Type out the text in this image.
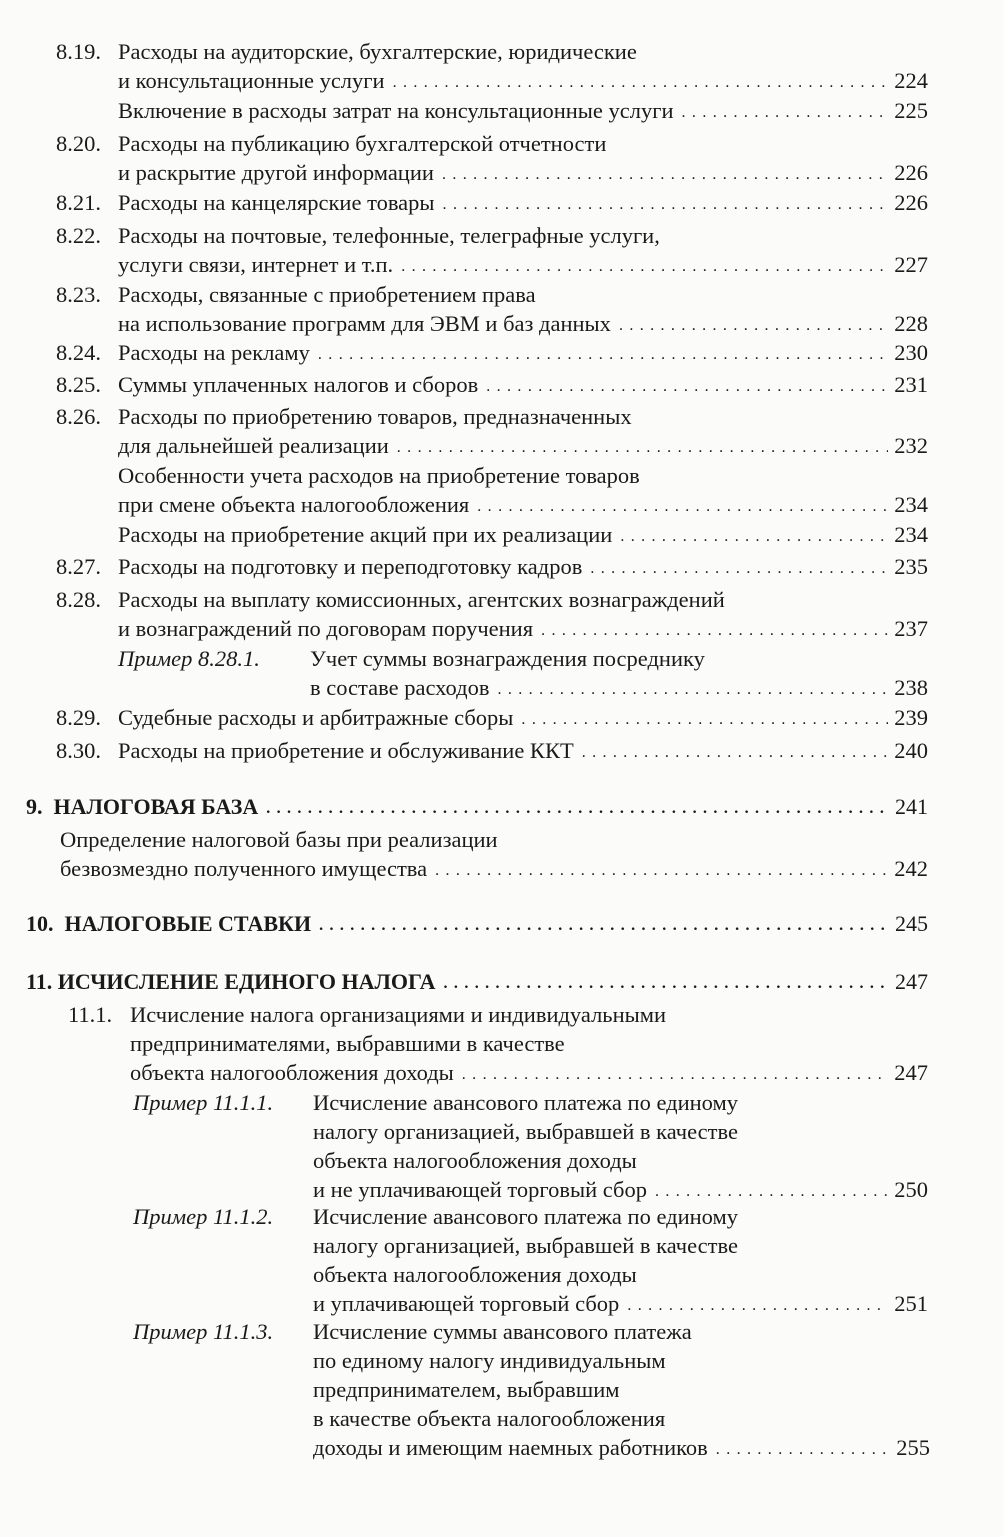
8.19. Расходы на аудиторские, бухгалтерские, юридические
и консультационные услуги . . .	224
Включение в расходы затрат на консультационные услуги . . .	225
8.20. Расходы на публикацию бухгалтерской отчетности
и раскрытие другой информации . . .	226
8.21. Расходы на канцелярские товары . . .	226
8.22. Расходы на почтовые, телефонные, телеграфные услуги,
услуги связи, интернет и т.п. . . .	227
8.23. Расходы, связанные с приобретением права
на использование программ для ЭВМ и баз данных . . .	228
8.24. Расходы на рекламу . . .	230
8.25. Суммы уплаченных налогов и сборов . . .	231
8.26. Расходы по приобретению товаров, предназначенных
для дальнейшей реализации . . .	232
Особенности учета расходов на приобретение товаров
при смене объекта налогообложения . . .	234
Расходы на приобретение акций при их реализации . . .	234
8.27. Расходы на подготовку и переподготовку кадров . . .	235
8.28. Расходы на выплату комиссионных, агентских вознаграждений
и вознаграждений по договорам поручения . . .	237
Пример 8.28.1. Учет суммы вознаграждения посреднику
в составе расходов . . .	238
8.29. Судебные расходы и арбитражные сборы . . .	239
8.30. Расходы на приобретение и обслуживание ККТ . . .	240
9. НАЛОГОВАЯ БАЗА . . .	241
Определение налоговой базы при реализации
безвозмездно полученного имущества . . .	242
10. НАЛОГОВЫЕ СТАВКИ . . .	245
11. ИСЧИСЛЕНИЕ ЕДИНОГО НАЛОГА . . .	247
11.1. Исчисление налога организациями и индивидуальными
предпринимателями, выбравшими в качестве
объекта налогообложения доходы . . .	247
Пример 11.1.1. Исчисление авансового платежа по единому
налогу организацией, выбравшей в качестве
объекта налогообложения доходы
и не уплачивающей торговый сбор . . .	250
Пример 11.1.2. Исчисление авансового платежа по единому
налогу организацией, выбравшей в качестве
объекта налогообложения доходы
и уплачивающей торговый сбор . . .	251
Пример 11.1.3. Исчисление суммы авансового платежа
по единому налогу индивидуальным
предпринимателем, выбравшим
в качестве объекта налогообложения
доходы и имеющим наемных работников . . .	255
